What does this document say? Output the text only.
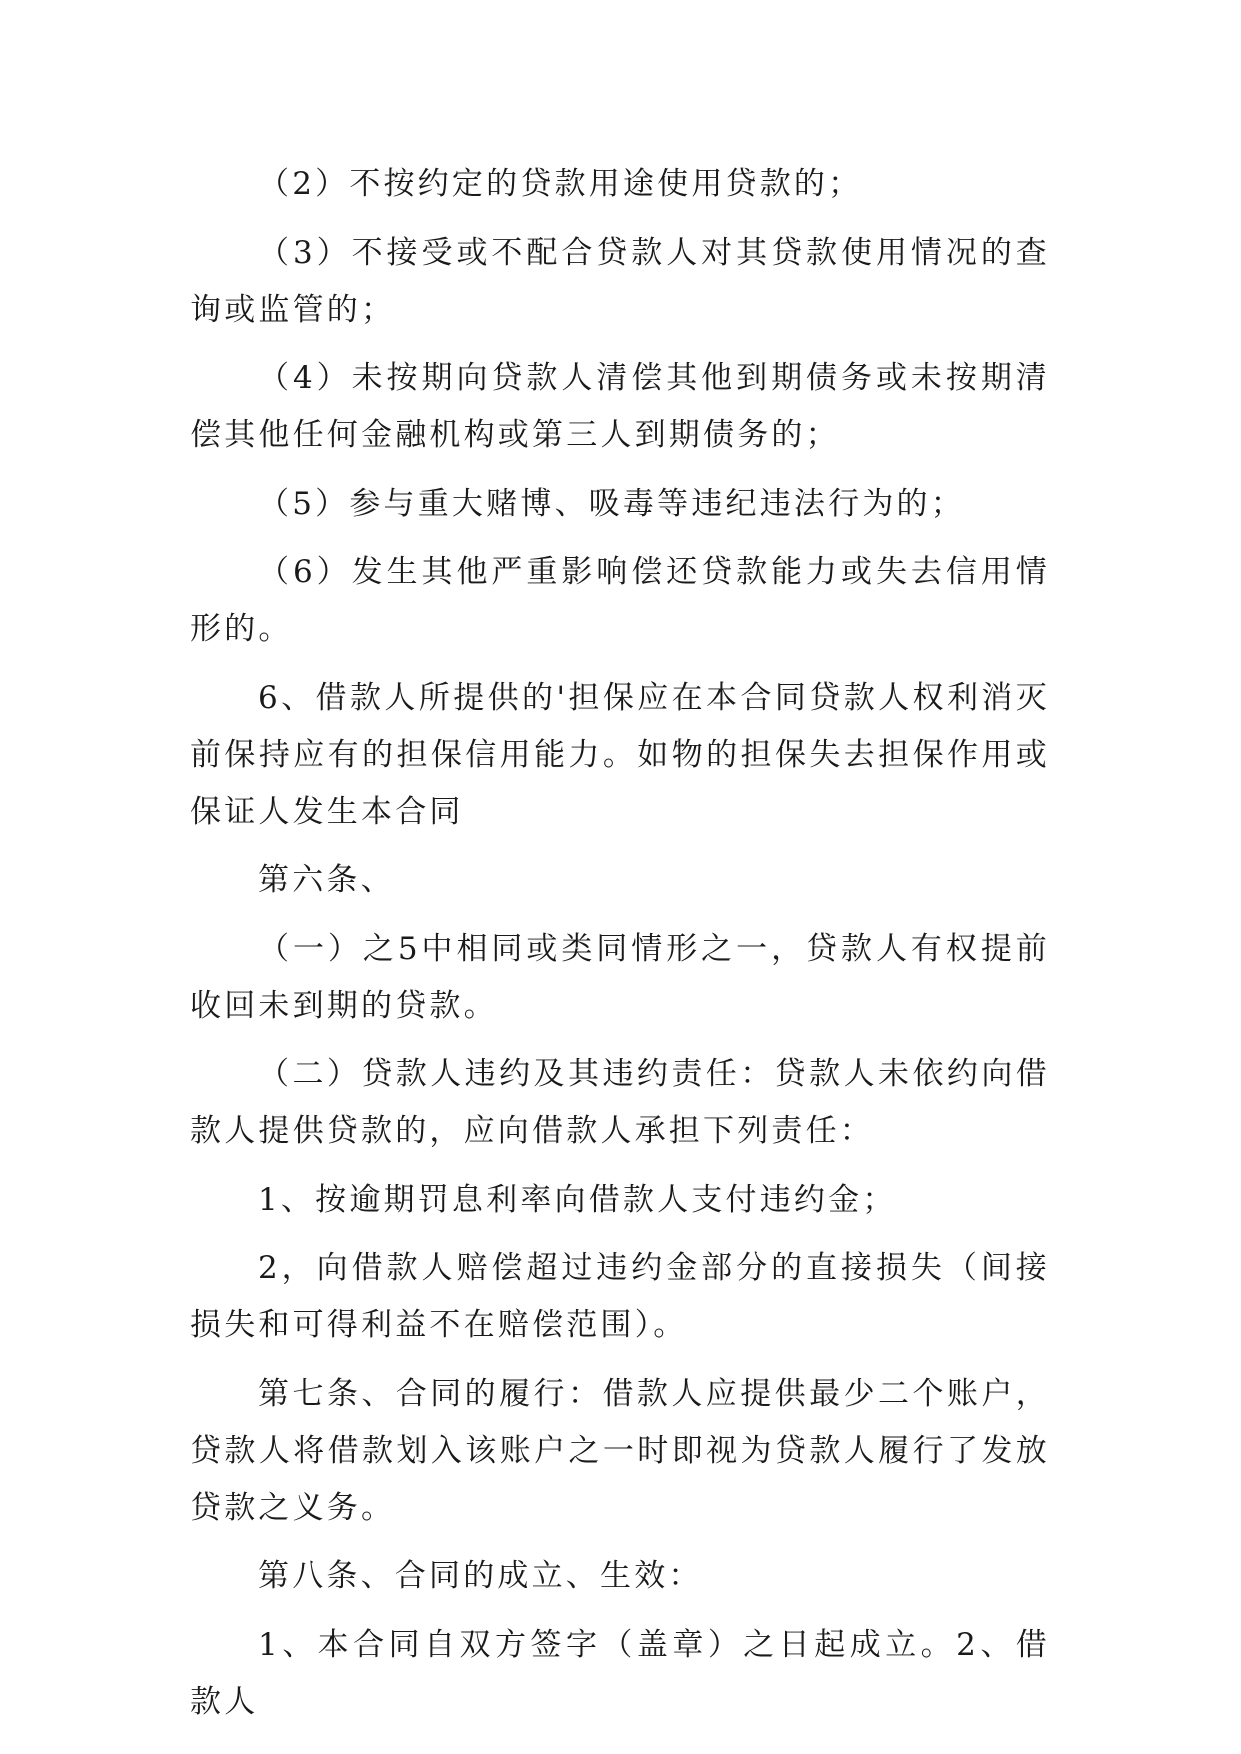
（2）不按约定的贷款用途使用贷款的；

（3）不接受或不配合贷款人对其贷款使用情况的查询或监管的；

（4）未按期向贷款人清偿其他到期债务或未按期清偿其他任何金融机构或第三人到期债务的；

（5）参与重大赌博、吸毒等违纪违法行为的；

（6）发生其他严重影响偿还贷款能力或失去信用情形的。

6、借款人所提供的'担保应在本合同贷款人权利消灭前保持应有的担保信用能力。如物的担保失去担保作用或保证人发生本合同

第六条、

（一）之5中相同或类同情形之一，贷款人有权提前收回未到期的贷款。

（二）贷款人违约及其违约责任：贷款人未依约向借款人提供贷款的，应向借款人承担下列责任：

1、按逾期罚息利率向借款人支付违约金；

2，向借款人赔偿超过违约金部分的直接损失（间接损失和可得利益不在赔偿范围）。

第七条、合同的履行：借款人应提供最少二个账户，贷款人将借款划入该账户之一时即视为贷款人履行了发放贷款之义务。

第八条、合同的成立、生效：

1、本合同自双方签字（盖章）之日起成立。2、借款人
